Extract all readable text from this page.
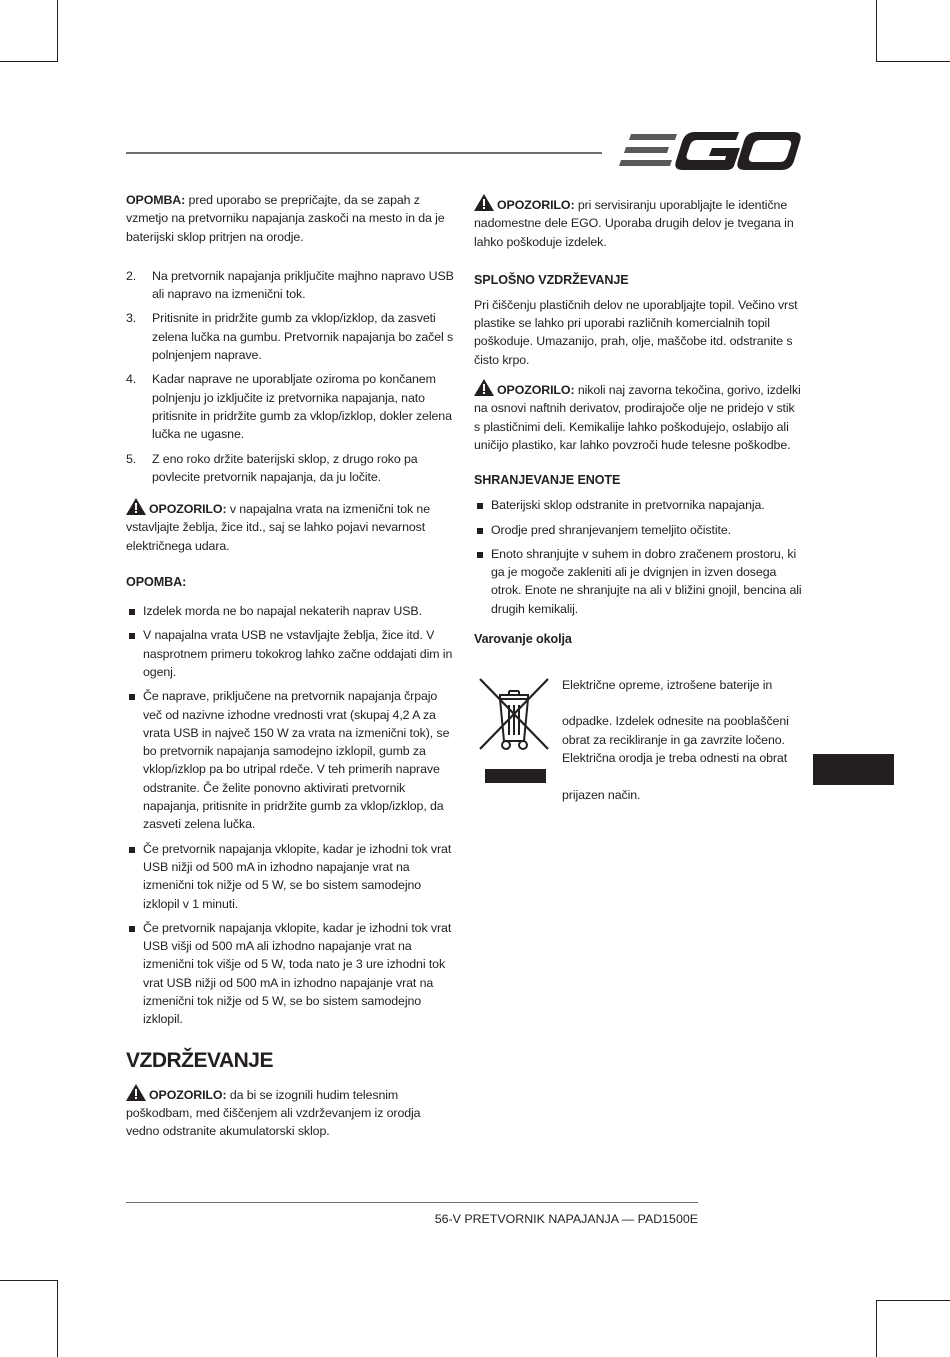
OPOMBA: pred uporabo se prepričajte, da se zapah z vzmetjo na pretvorniku napajanja zaskoči na mesto in da je baterijski sklop pritrjen na orodje.

2. Na pretvornik napajanja priključite majhno napravo USB ali napravo na izmenični tok.
3. Pritisnite in pridržite gumb za vklop/izklop, da zasveti zelena lučka na gumbu. Pretvornik napajanja bo začel s polnjenjem naprave.
4. Kadar naprave ne uporabljate oziroma po končanem polnjenju jo izključite iz pretvornika napajanja, nato pritisnite in pridržite gumb za vklop/izklop, dokler zelena lučka ne ugasne.
5. Z eno roko držite baterijski sklop, z drugo roko pa povlecite pretvornik napajanja, da ju ločite.

OPOZORILO: v napajalna vrata na izmenični tok ne vstavljajte žeblja, žice itd., saj se lahko pojavi nevarnost električnega udara.

OPOMBA:
Izdelek morda ne bo napajal nekaterih naprav USB.
V napajalna vrata USB ne vstavljajte žeblja, žice itd. V nasprotnem primeru tokokrog lahko začne oddajati dim in ogenj.
Če naprave, priključene na pretvornik napajanja črpajo več od nazivne izhodne vrednosti vrat (skupaj 4,2 A za vrata USB in največ 150 W za vrata na izmenični tok), se bo pretvornik napajanja samodejno izklopil, gumb za vklop/izklop pa bo utripal rdeče. V teh primerih naprave odstranite. Če želite ponovno aktivirati pretvornik napajanja, pritisnite in pridržite gumb za vklop/izklop, da zasveti zelena lučka.
Če pretvornik napajanja vklopite, kadar je izhodni tok vrat USB nižji od 500 mA in izhodno napajanje vrat na izmenični tok nižje od 5 W, se bo sistem samodejno izklopil v 1 minuti.
Če pretvornik napajanja vklopite, kadar je izhodni tok vrat USB višji od 500 mA ali izhodno napajanje vrat na izmenični tok višje od 5 W, toda nato je 3 ure izhodni tok vrat USB nižji od 500 mA in izhodno napajanje vrat na izmenični tok nižje od 5 W, se bo sistem samodejno izklopil.
VZDRŽEVANJE

OPOZORILO: da bi se izognili hudim telesnim poškodbam, med čiščenjem ali vzdrževanjem iz orodja vedno odstranite akumulatorski sklop.

OPOZORILO: pri servisiranju uporabljajte le identične nadomestne dele EGO. Uporaba drugih delov je tvegana in lahko poškoduje izdelek.

SPLOŠNO VZDRŽEVANJE

Pri čiščenju plastičnih delov ne uporabljajte topil. Večino vrst plastike se lahko pri uporabi različnih komercialnih topil poškoduje. Umazanijo, prah, olje, maščobe itd. odstranite s čisto krpo.

OPOZORILO: nikoli naj zavorna tekočina, gorivo, izdelki na osnovi naftnih derivatov, prodirajoče olje ne pridejo v stik s plastičnimi deli. Kemikalije lahko poškodujejo, oslabijo ali uničijo plastiko, kar lahko povzroči hude telesne poškodbe.

SHRANJEVANJE ENOTE
Baterijski sklop odstranite in pretvornika napajanja.
Orodje pred shranjevanjem temeljito očistite.
Enoto shranjujte v suhem in dobro zračenem prostoru, ki ga je mogoče zakleniti ali je dvignjen in izven dosega otrok. Enote ne shranjujte na ali v bližini gnojil, bencina ali drugih kemikalij.
Varovanje okolja

Električne opreme, iztrošene baterije in

odpadke. Izdelek odnesite na pooblaščeni obrat za recikliranje in ga zavrzite ločeno. Električna orodja je treba odnesti na obrat

prijazen način.

56-V PRETVORNIK NAPAJANJA — PAD1500E
